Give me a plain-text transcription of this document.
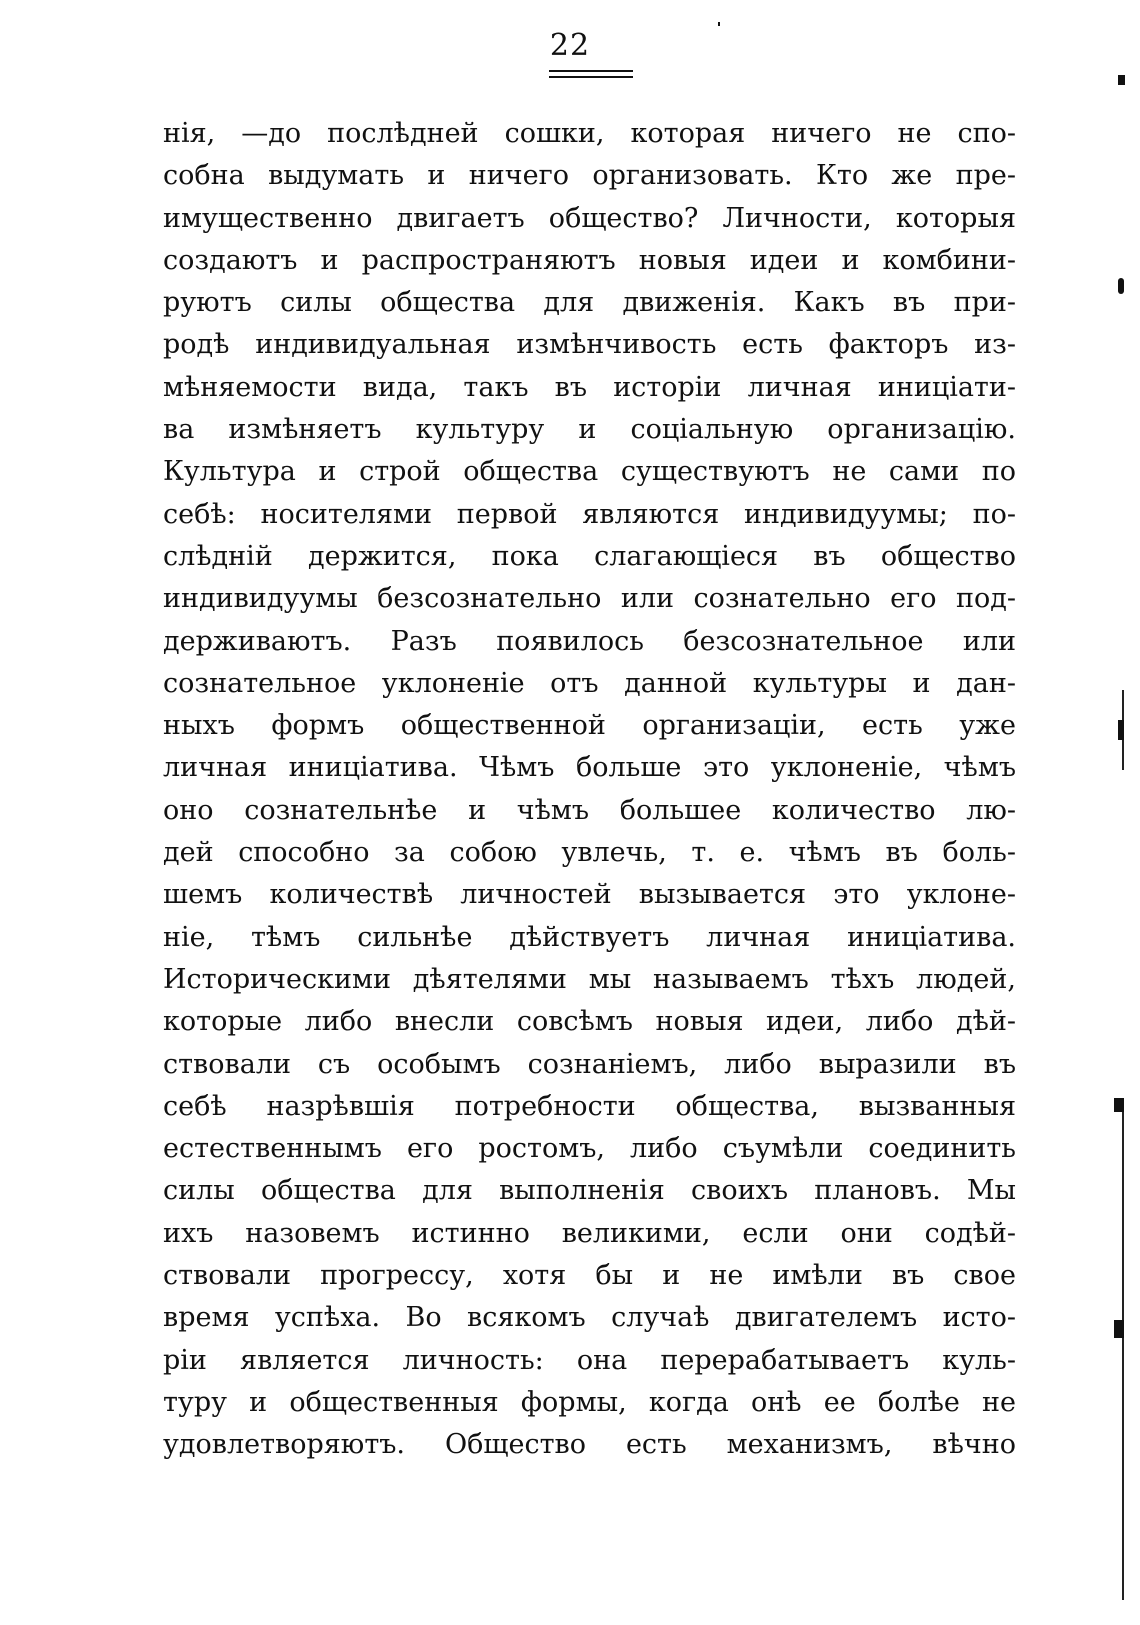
22
нія, —до послѣдней сошки, которая ничего не спо-
собна выдумать и ничего организовать. Кто же пре-
имущественно двигаетъ общество? Личности, которыя
создаютъ и распространяютъ новыя идеи и комбини-
руютъ силы общества для движенія. Какъ въ при-
родѣ индивидуальная измѣнчивость есть факторъ из-
мѣняемости вида, такъ въ исторіи личная иниціати-
ва измѣняетъ культуру и соціальную организацію.
Культура и строй общества существуютъ не сами по
себѣ: носителями первой являются индивидуумы; по-
слѣдній держится, пока слагающіеся въ общество
индивидуумы безсознательно или сознательно его под-
держиваютъ. Разъ появилось безсознательное или
сознательное уклоненіе отъ данной культуры и дан-
ныхъ формъ общественной организаціи, есть уже
личная иниціатива. Чѣмъ больше это уклоненіе, чѣмъ
оно сознательнѣе и чѣмъ большее количество лю-
дей способно за собою увлечь, т. е. чѣмъ въ боль-
шемъ количествѣ личностей вызывается это уклоне-
ніе, тѣмъ сильнѣе дѣйствуетъ личная иниціатива.
Историческими дѣятелями мы называемъ тѣхъ людей,
которые либо внесли совсѣмъ новыя идеи, либо дѣй-
ствовали съ особымъ сознаніемъ, либо выразили въ
себѣ назрѣвшія потребности общества, вызванныя
естественнымъ его ростомъ, либо съумѣли соединить
силы общества для выполненія своихъ плановъ. Мы
ихъ назовемъ истинно великими, если они содѣй-
ствовали прогрессу, хотя бы и не имѣли въ свое
время успѣха. Во всякомъ случаѣ двигателемъ исто-
ріи является личность: она перерабатываетъ куль-
туру и общественныя формы, когда онѣ ее болѣе не
удовлетворяютъ. Общество есть механизмъ, вѣчно
